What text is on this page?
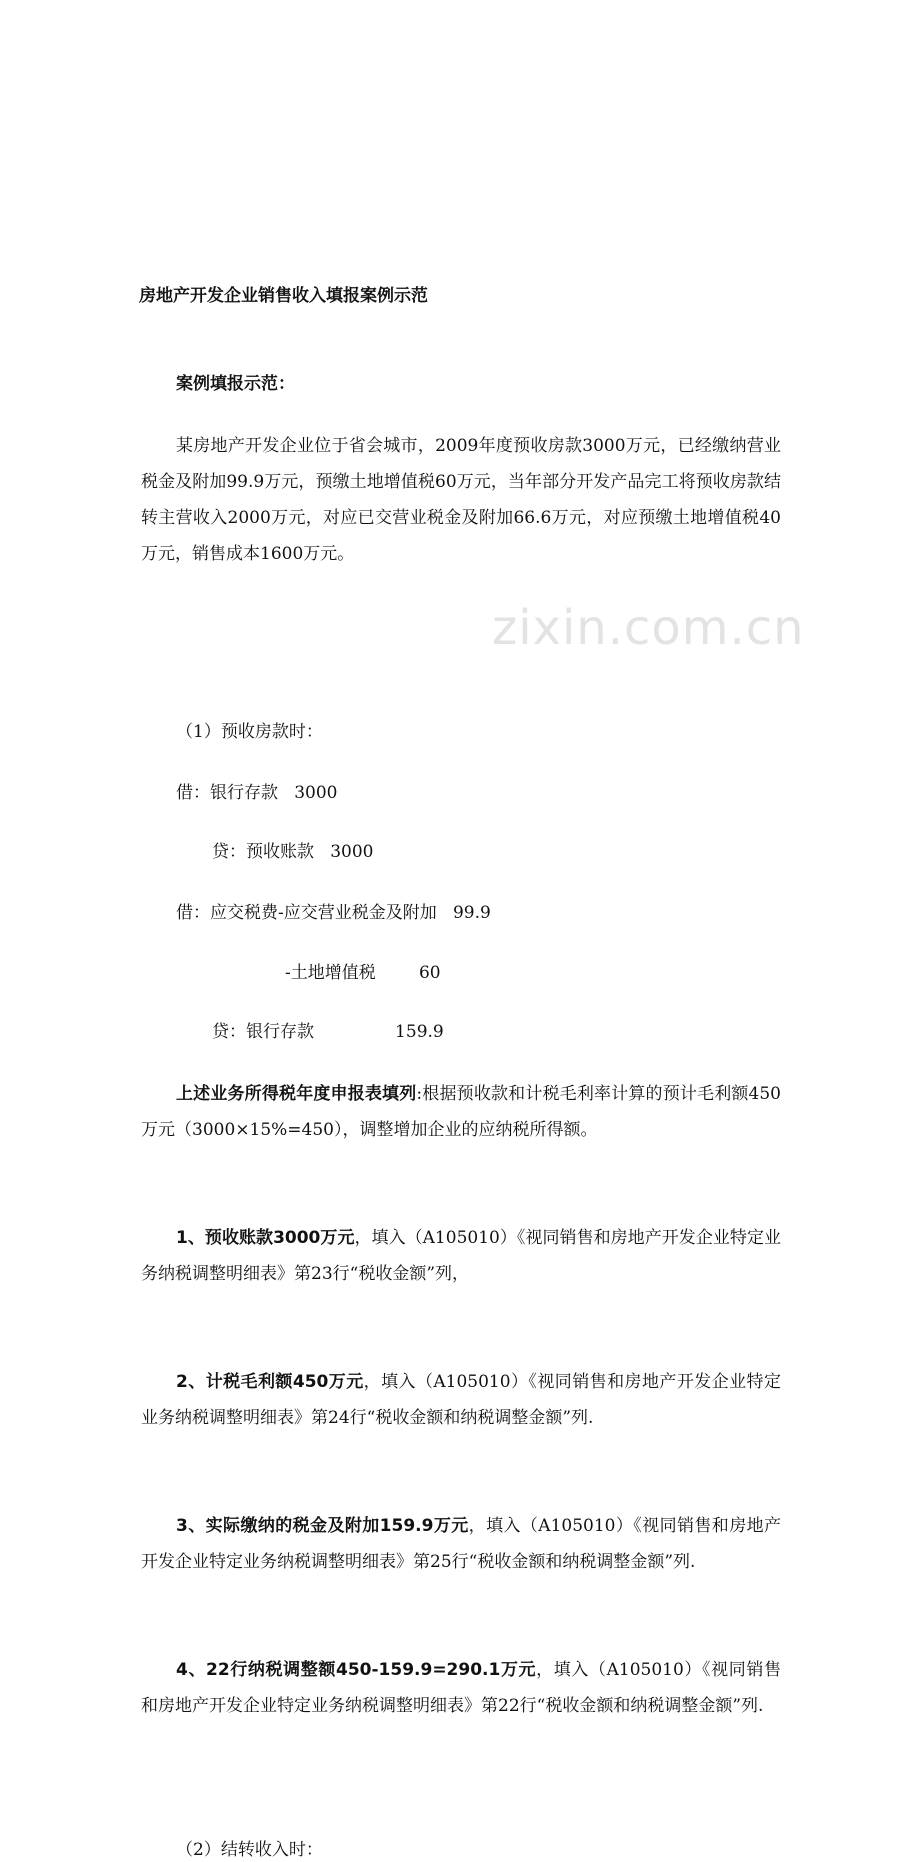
zixin.com.cn
房地产开发企业销售收入填报案例示范
案例填报示范：

某房地产开发企业位于省会城市，2009年度预收房款3000万元，已经缴纳营业税金及附加99.9万元，预缴土地增值税60万元，当年部分开发产品完工将预收房款结转主营收入2000万元，对应已交营业税金及附加66.6万元，对应预缴土地增值税40万元，销售成本1600万元。

（1）预收房款时：
借：银行存款   3000
贷：预收账款   3000
借：应交税费-应交营业税金及附加   99.9
-土地增值税        60
贷：银行存款               159.9

上述业务所得税年度申报表填列:根据预收款和计税毛利率计算的预计毛利额450万元（3000×15%=450），调整增加企业的应纳税所得额。

1、预收账款3000万元，填入（A105010）《视同销售和房地产开发企业特定业务纳税调整明细表》第23行“税收金额”列，

2、计税毛利额450万元，填入（A105010）《视同销售和房地产开发企业特定业务纳税调整明细表》第24行“税收金额和纳税调整金额”列.

3、实际缴纳的税金及附加159.9万元，填入（A105010）《视同销售和房地产开发企业特定业务纳税调整明细表》第25行“税收金额和纳税调整金额”列.

4、22行纳税调整额450-159.9=290.1万元，填入（A105010）《视同销售和房地产开发企业特定业务纳税调整明细表》第22行“税收金额和纳税调整金额”列.

（2）结转收入时：
